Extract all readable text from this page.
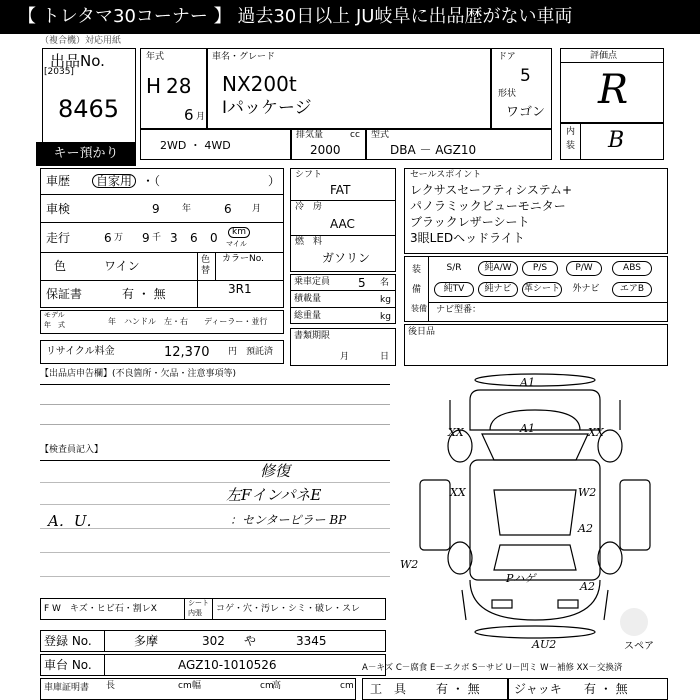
【 トレタマ30コーナー 】 過去30日以上 JU岐阜に出品歴がない車両
（複合機）対応用紙
出品No.
[2035]
8465
キー預かり
年式
H 28
6 月
車名・グレード
NX200t
Iパッケージ
ドア
5
形状
ワゴン
2WD ・ 4WD
排気量	cc
2000
型式
DBA － AGZ10
評価点
R
内
装 B
車歴	自家用 ・（　　　　　　　　　）
車検	9 年	6 月
走行	6 万 9 千 3 6 0	km
マイル
色	ワイン	色
替
カラーNo.
3R1
保証書	有 ・ 無
モデル
年　式	年 ハンドル　左・右 ディーラー・並行
リサイクル料金	12,370 円 預託済
【出品店申告欄】(不良箇所・欠品・注意事項等)
シフト
FAT
冷　房
AAC
燃　料
ガソリン
乗車定員 5 名
積載量	kg
総重量	kg
書類期限
月	日
セールスポイント
レクサスセーフティシステム+
パノラミックビューモニター
ブラックレザーシート
3眼LEDヘッドライト
装
備
装備
S/R	純A/W	P/S	P/W	ABS
純TV	純ナビ	革シート	外ナビ	エアB
ナビ型番：
後日品
【検査員記入】
A．U．
修復
左FインパネE
：センターピラー BP
A1
A1
XX	XX
XX	W2
A2
W2
Pハゲ
A2
AU2	スペア
F W　キズ・ヒビ石・割レX
シート
内張 コゲ・穴・汚レ・シミ・破レ・スレ
登録 No.	多摩	302 や	3345
車台 No.	AGZ10-1010526
車庫証明書 長	cm 幅	cm
高	cm
A－キズ C－腐食 E－エクボ S－サビ U－凹ミ W－補修 XX－交換済
工　具 有 ・ 無	ジャッキ 有 ・ 無
